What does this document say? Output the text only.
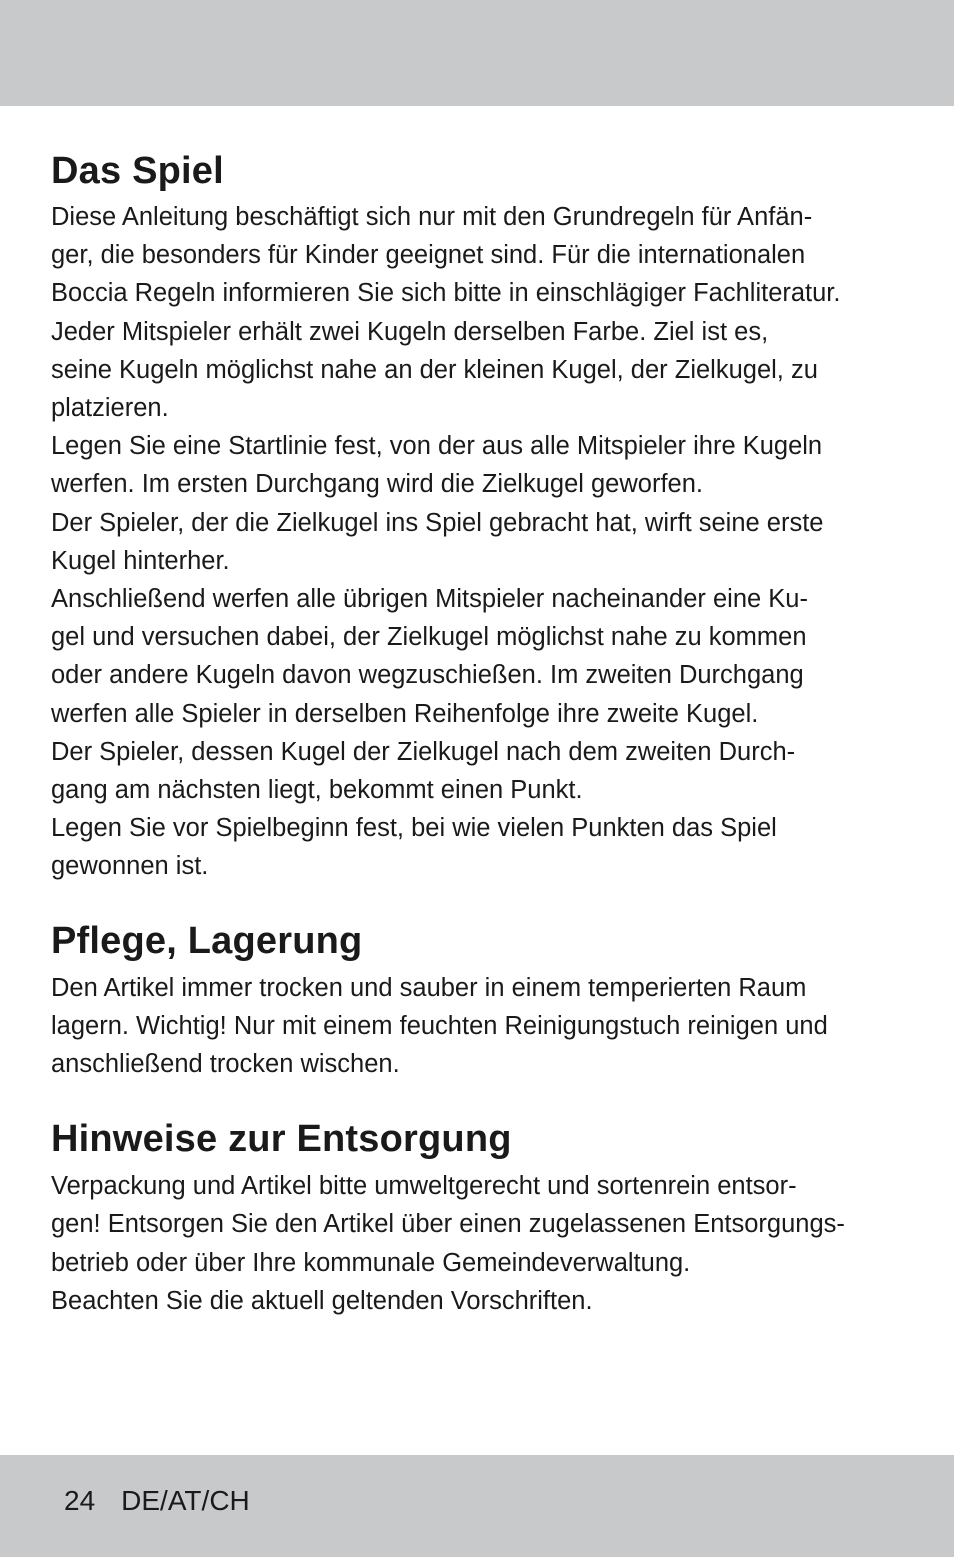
Das Spiel

Diese Anleitung beschäftigt sich nur mit den Grundregeln für Anfän-
ger, die besonders für Kinder geeignet sind. Für die internationalen
Boccia Regeln informieren Sie sich bitte in einschlägiger Fachliteratur.
Jeder Mitspieler erhält zwei Kugeln derselben Farbe. Ziel ist es,
seine Kugeln möglichst nahe an der kleinen Kugel, der Zielkugel, zu
platzieren.
Legen Sie eine Startlinie fest, von der aus alle Mitspieler ihre Kugeln
werfen. Im ersten Durchgang wird die Zielkugel geworfen.
Der Spieler, der die Zielkugel ins Spiel gebracht hat, wirft seine erste
Kugel hinterher.
Anschließend werfen alle übrigen Mitspieler nacheinander eine Ku-
gel und versuchen dabei, der Zielkugel möglichst nahe zu kommen
oder andere Kugeln davon wegzuschießen. Im zweiten Durchgang
werfen alle Spieler in derselben Reihenfolge ihre zweite Kugel.
Der Spieler, dessen Kugel der Zielkugel nach dem zweiten Durch-
gang am nächsten liegt, bekommt einen Punkt.
Legen Sie vor Spielbeginn fest, bei wie vielen Punkten das Spiel
gewonnen ist.

Pflege, Lagerung

Den Artikel immer trocken und sauber in einem temperierten Raum
lagern. Wichtig! Nur mit einem feuchten Reinigungstuch reinigen und
anschließend trocken wischen.

Hinweise zur Entsorgung

Verpackung und Artikel bitte umweltgerecht und sortenrein entsor-
gen! Entsorgen Sie den Artikel über einen zugelassenen Entsorgungs-
betrieb oder über Ihre kommunale Gemeindeverwaltung.
Beachten Sie die aktuell geltenden Vorschriften.

24 DE/AT/CH
